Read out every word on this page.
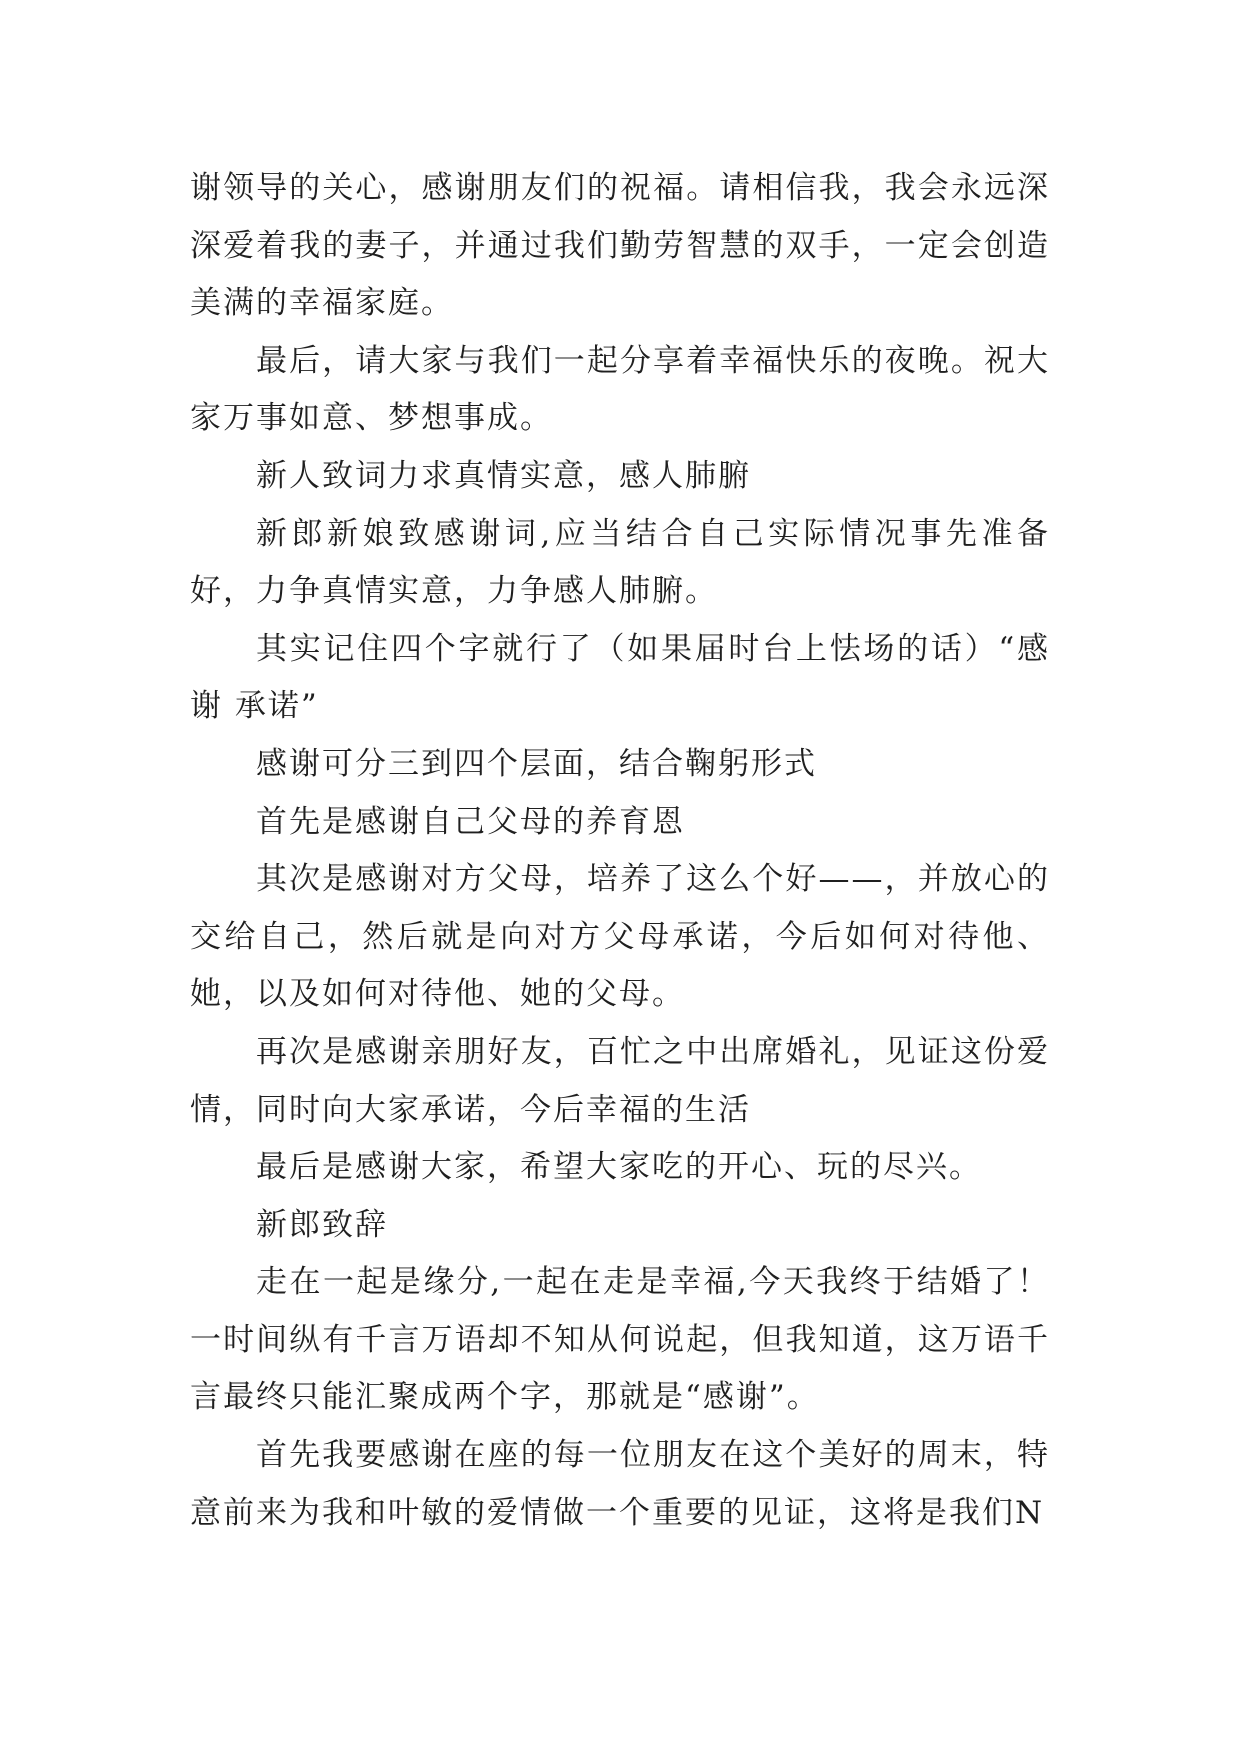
谢领导的关心，感谢朋友们的祝福。请相信我，我会永远深深爱着我的妻子，并通过我们勤劳智慧的双手，一定会创造美满的幸福家庭。

最后，请大家与我们一起分享着幸福快乐的夜晚。祝大家万事如意、梦想事成。

新人致词力求真情实意，感人肺腑

新郎新娘致感谢词,应当结合自己实际情况事先准备好，力争真情实意，力争感人肺腑。

其实记住四个字就行了（如果届时台上怯场的话）“感谢 承诺”

感谢可分三到四个层面，结合鞠躬形式

首先是感谢自己父母的养育恩

其次是感谢对方父母，培养了这么个好——，并放心的交给自己，然后就是向对方父母承诺，今后如何对待他、她，以及如何对待他、她的父母。

再次是感谢亲朋好友，百忙之中出席婚礼，见证这份爱情，同时向大家承诺，今后幸福的生活

最后是感谢大家，希望大家吃的开心、玩的尽兴。

新郎致辞

走在一起是缘分,一起在走是幸福,今天我终于结婚了！一时间纵有千言万语却不知从何说起，但我知道，这万语千言最终只能汇聚成两个字，那就是“感谢”。

首先我要感谢在座的每一位朋友在这个美好的周末，特意前来为我和叶敏的爱情做一个重要的见证，这将是我们N
